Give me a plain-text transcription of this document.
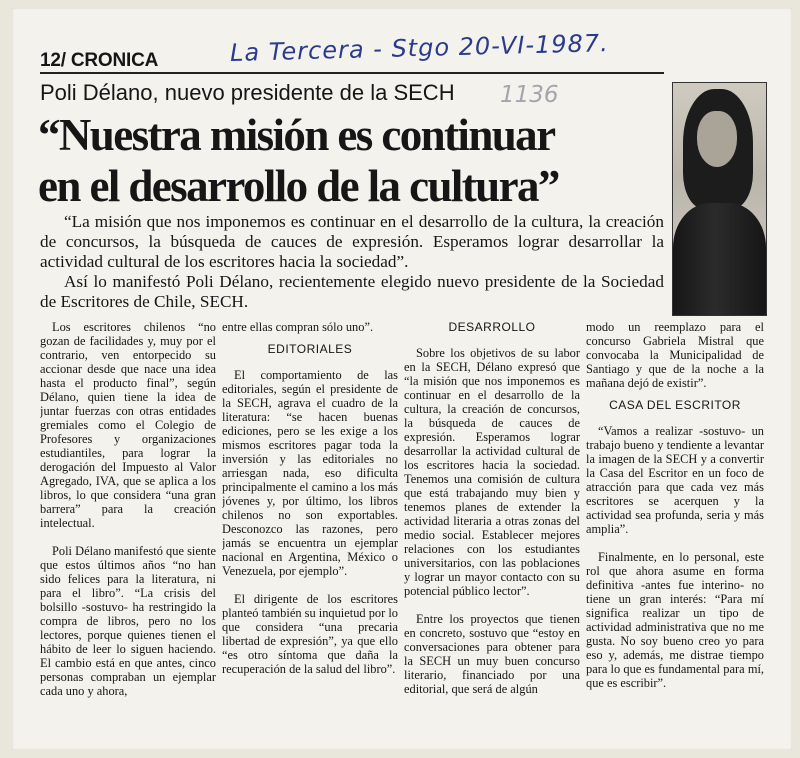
12/ CRONICA	La Tercera - Stgo 20-VI-1987.
1136
Poli Délano, nuevo presidente de la SECH
“Nuestra misión es continuar
en el desarrollo de la cultura”

“La misión que nos imponemos es continuar en el desarrollo de la cultura, la creación de concursos, la búsqueda de cauces de expresión. Esperamos lograr desarrollar la actividad cultural de los escritores hacia la sociedad”.

Así lo manifestó Poli Délano, recientemente elegido nuevo presidente de la Sociedad de Escritores de Chile, SECH.

Los escritores chilenos “no gozan de facilidades y, muy por el contrario, ven entorpecido su accionar desde que nace una idea hasta el producto final”, según Délano, quien tiene la idea de juntar fuerzas con otras entidades gremiales como el Colegio de Profesores y organizaciones estudiantiles, para lograr la derogación del Impuesto al Valor Agregado, IVA, que se aplica a los libros, lo que considera “una gran barrera” para la creación intelectual.

Poli Délano manifestó que siente que estos últimos años “no han sido felices para la literatura, ni para el libro”. “La crisis del bolsillo -sostuvo- ha restringido la compra de libros, pero no los lectores, porque quienes tienen el hábito de leer lo siguen haciendo. El cambio está en que antes, cinco personas compraban un ejemplar cada uno y ahora,

entre ellas compran sólo uno”.

EDITORIALES

El comportamiento de las editoriales, según el presidente de la SECH, agrava el cuadro de la literatura: “se hacen buenas ediciones, pero se les exige a los mismos escritores pagar toda la inversión y las editoriales no arriesgan nada, eso dificulta principalmente el camino a los más jóvenes y, por último, los libros chilenos no son exportables. Desconozco las razones, pero jamás se encuentra un ejemplar nacional en Argentina, México o Venezuela, por ejemplo”.

El dirigente de los escritores planteó también su inquietud por lo que considera “una precaria libertad de expresión”, ya que ello “es otro síntoma que daña la recuperación de la salud del libro”.

DESARROLLO

Sobre los objetivos de su labor en la SECH, Délano expresó que “la misión que nos imponemos es continuar en el desarrollo de la cultura, la creación de concursos, la búsqueda de cauces de expresión. Esperamos lograr desarrollar la actividad cultural de los escritores hacia la sociedad. Tenemos una comisión de cultura que está trabajando muy bien y tenemos planes de extender la actividad literaria a otras zonas del medio social. Establecer mejores relaciones con los estudiantes universitarios, con las poblaciones y lograr un mayor contacto con su potencial público lector”.

Entre los proyectos que tienen en concreto, sostuvo que “estoy en conversaciones para obtener para la SECH un muy buen concurso literario, financiado por una editorial, que será de algún

modo un reemplazo para el concurso Gabriela Mistral que convocaba la Municipalidad de Santiago y que de la noche a la mañana dejó de existir”.

CASA DEL ESCRITOR

“Vamos a realizar -sostuvo- un trabajo bueno y tendiente a levantar la imagen de la SECH y a convertir la Casa del Escritor en un foco de atracción para que cada vez más escritores se acerquen y la actividad sea profunda, seria y más amplia”.

Finalmente, en lo personal, este rol que ahora asume en forma definitiva -antes fue interino- no tiene un gran interés: “Para mí significa realizar un tipo de actividad administrativa que no me gusta. No soy bueno creo yo para eso y, además, me distrae tiempo para lo que es fundamental para mí, que es escribir”.
